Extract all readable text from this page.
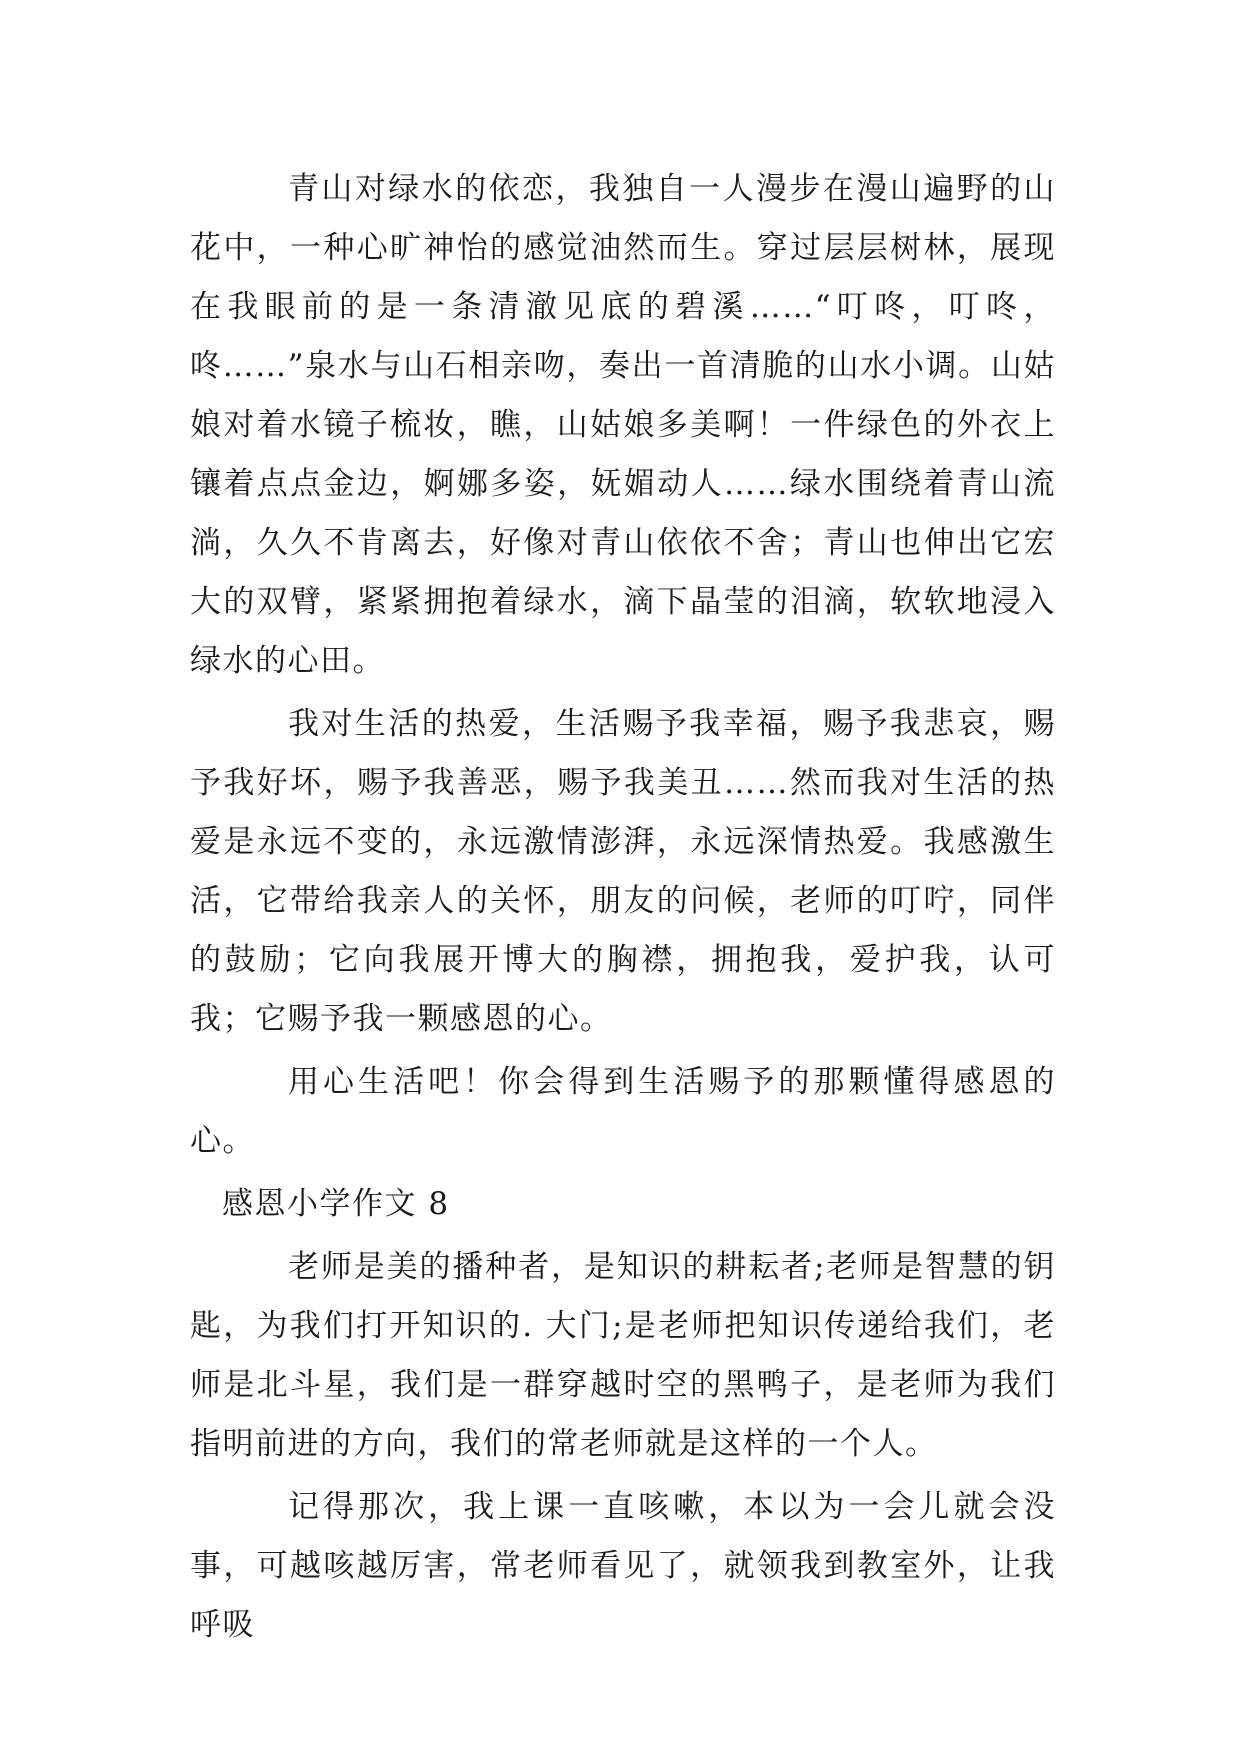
青山对绿水的依恋，我独自一人漫步在漫山遍野的山花中，一种心旷神怡的感觉油然而生。穿过层层树林，展现在我眼前的是一条清澈见底的碧溪……“叮咚，叮咚，咚……”泉水与山石相亲吻，奏出一首清脆的山水小调。山姑娘对着水镜子梳妆，瞧，山姑娘多美啊！一件绿色的外衣上镶着点点金边，婀娜多姿，妩媚动人……绿水围绕着青山流淌，久久不肯离去，好像对青山依依不舍；青山也伸出它宏大的双臂，紧紧拥抱着绿水，滴下晶莹的泪滴，软软地浸入绿水的心田。

我对生活的热爱，生活赐予我幸福，赐予我悲哀，赐予我好坏，赐予我善恶，赐予我美丑……然而我对生活的热爱是永远不变的，永远激情澎湃，永远深情热爱。我感激生活，它带给我亲人的关怀，朋友的问候，老师的叮咛，同伴的鼓励；它向我展开博大的胸襟，拥抱我，爱护我，认可我；它赐予我一颗感恩的心。

用心生活吧！你会得到生活赐予的那颗懂得感恩的心。

感恩小学作文 8

老师是美的播种者，是知识的耕耘者;老师是智慧的钥匙，为我们打开知识的. 大门;是老师把知识传递给我们，老师是北斗星，我们是一群穿越时空的黑鸭子，是老师为我们指明前进的方向，我们的常老师就是这样的一个人。

记得那次，我上课一直咳嗽，本以为一会儿就会没事，可越咳越厉害，常老师看见了，就领我到教室外，让我呼吸
